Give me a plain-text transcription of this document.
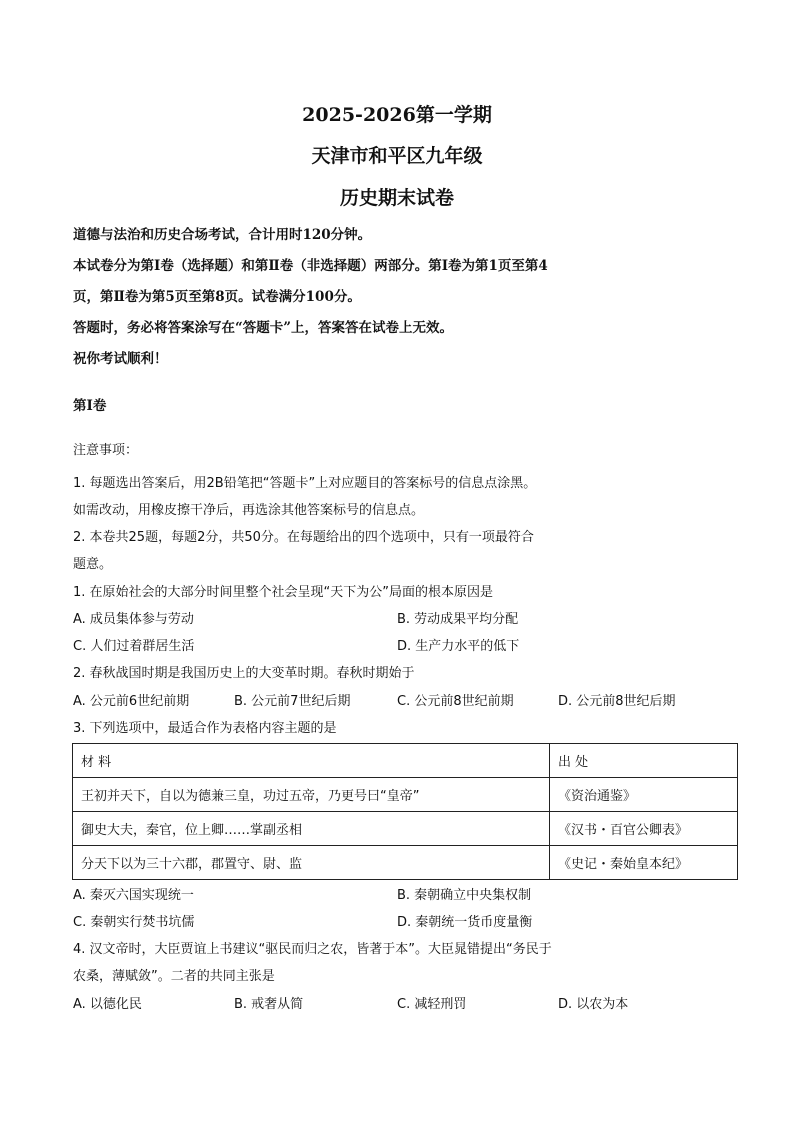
2025-2026第一学期
天津市和平区九年级
历史期末试卷
道德与法治和历史合场考试，合计用时120分钟。
本试卷分为第Ⅰ卷（选择题）和第Ⅱ卷（非选择题）两部分。第Ⅰ卷为第1页至第4
页，第Ⅱ卷为第5页至第8页。试卷满分100分。
答题时，务必将答案涂写在“答题卡”上，答案答在试卷上无效。
祝你考试顺利！
第Ⅰ卷
注意事项：
1. 每题选出答案后，用2B铅笔把“答题卡”上对应题目的答案标号的信息点涂黑。
如需改动，用橡皮擦干净后，再选涂其他答案标号的信息点。
2. 本卷共25题，每题2分，共50分。在每题给出的四个选项中，只有一项最符合
题意。
1. 在原始社会的大部分时间里整个社会呈现“天下为公”局面的根本原因是
A. 成员集体参与劳动	B. 劳动成果平均分配
C. 人们过着群居生活	D. 生产力水平的低下
2. 春秋战国时期是我国历史上的大变革时期。春秋时期始于
A. 公元前6世纪前期	B. 公元前7世纪后期	C. 公元前8世纪前期	D. 公元前8世纪后期
3. 下列选项中，最适合作为表格内容主题的是
材 料	出 处
王初并天下，自以为德兼三皇，功过五帝，乃更号曰“皇帝”	《资治通鉴》
御史大夫，秦官，位上卿……掌副丞相	《汉书・百官公卿表》
分天下以为三十六郡，郡置守、尉、监	《史记・秦始皇本纪》
A. 秦灭六国实现统一	B. 秦朝确立中央集权制
C. 秦朝实行焚书坑儒	D. 秦朝统一货币度量衡
4. 汉文帝时，大臣贾谊上书建议“驱民而归之农，皆著于本”。大臣晁错提出“务民于
农桑，薄赋敛”。二者的共同主张是
A. 以德化民	B. 戒奢从简	C. 减轻刑罚	D. 以农为本
